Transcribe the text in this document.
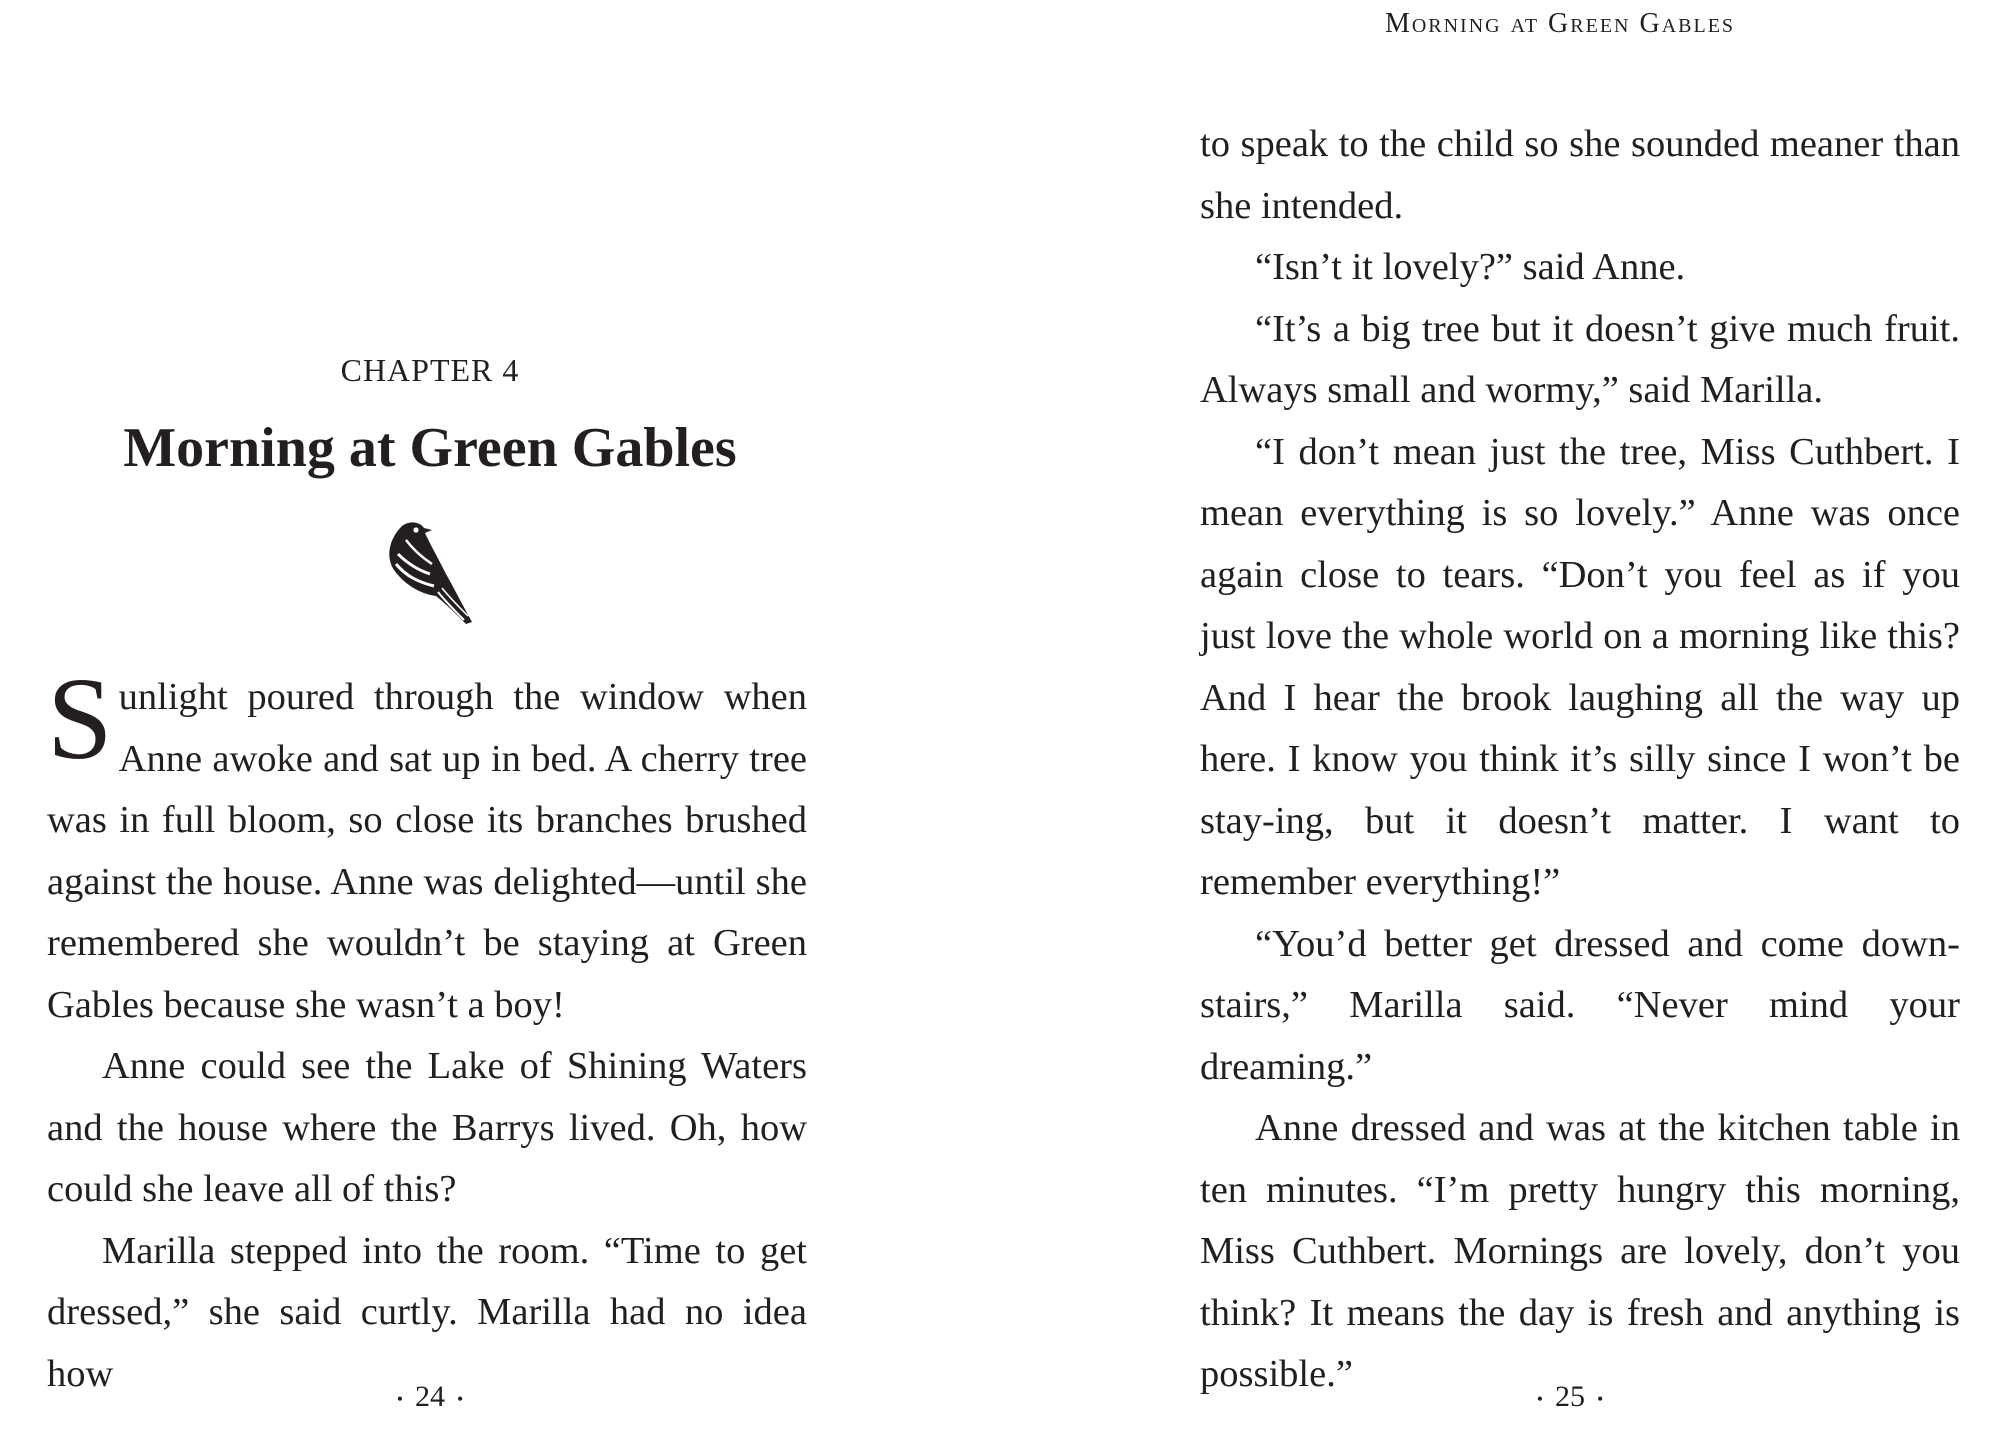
CHAPTER 4
Morning at Green Gables

Sunlight poured through the window when Anne awoke and sat up in bed. A cherry tree was in full bloom, so close its branches brushed against the house. Anne was delighted—until she remembered she wouldn’t be staying at Green Gables because she wasn’t a boy!

Anne could see the Lake of Shining Waters and the house where the Barrys lived. Oh, how could she leave all of this?

Marilla stepped into the room. “Time to get dressed,” she said curtly. Marilla had no idea how

• 24 •
Morning at Green Gables

to speak to the child so she sounded meaner than she intended.

“Isn’t it lovely?” said Anne.

“It’s a big tree but it doesn’t give much fruit. Always small and wormy,” said Marilla.

“I don’t mean just the tree, Miss Cuthbert. I mean everything is so lovely.” Anne was once again close to tears. “Don’t you feel as if you just love the whole world on a morning like this? And I hear the brook laughing all the way up here. I know you think it’s silly since I won’t be stay-ing, but it doesn’t matter. I want to remember everything!”

“You’d better get dressed and come down-stairs,” Marilla said. “Never mind your dreaming.”

Anne dressed and was at the kitchen table in ten minutes. “I’m pretty hungry this morning, Miss Cuthbert. Mornings are lovely, don’t you think? It means the day is fresh and anything is possible.”

• 25 •
